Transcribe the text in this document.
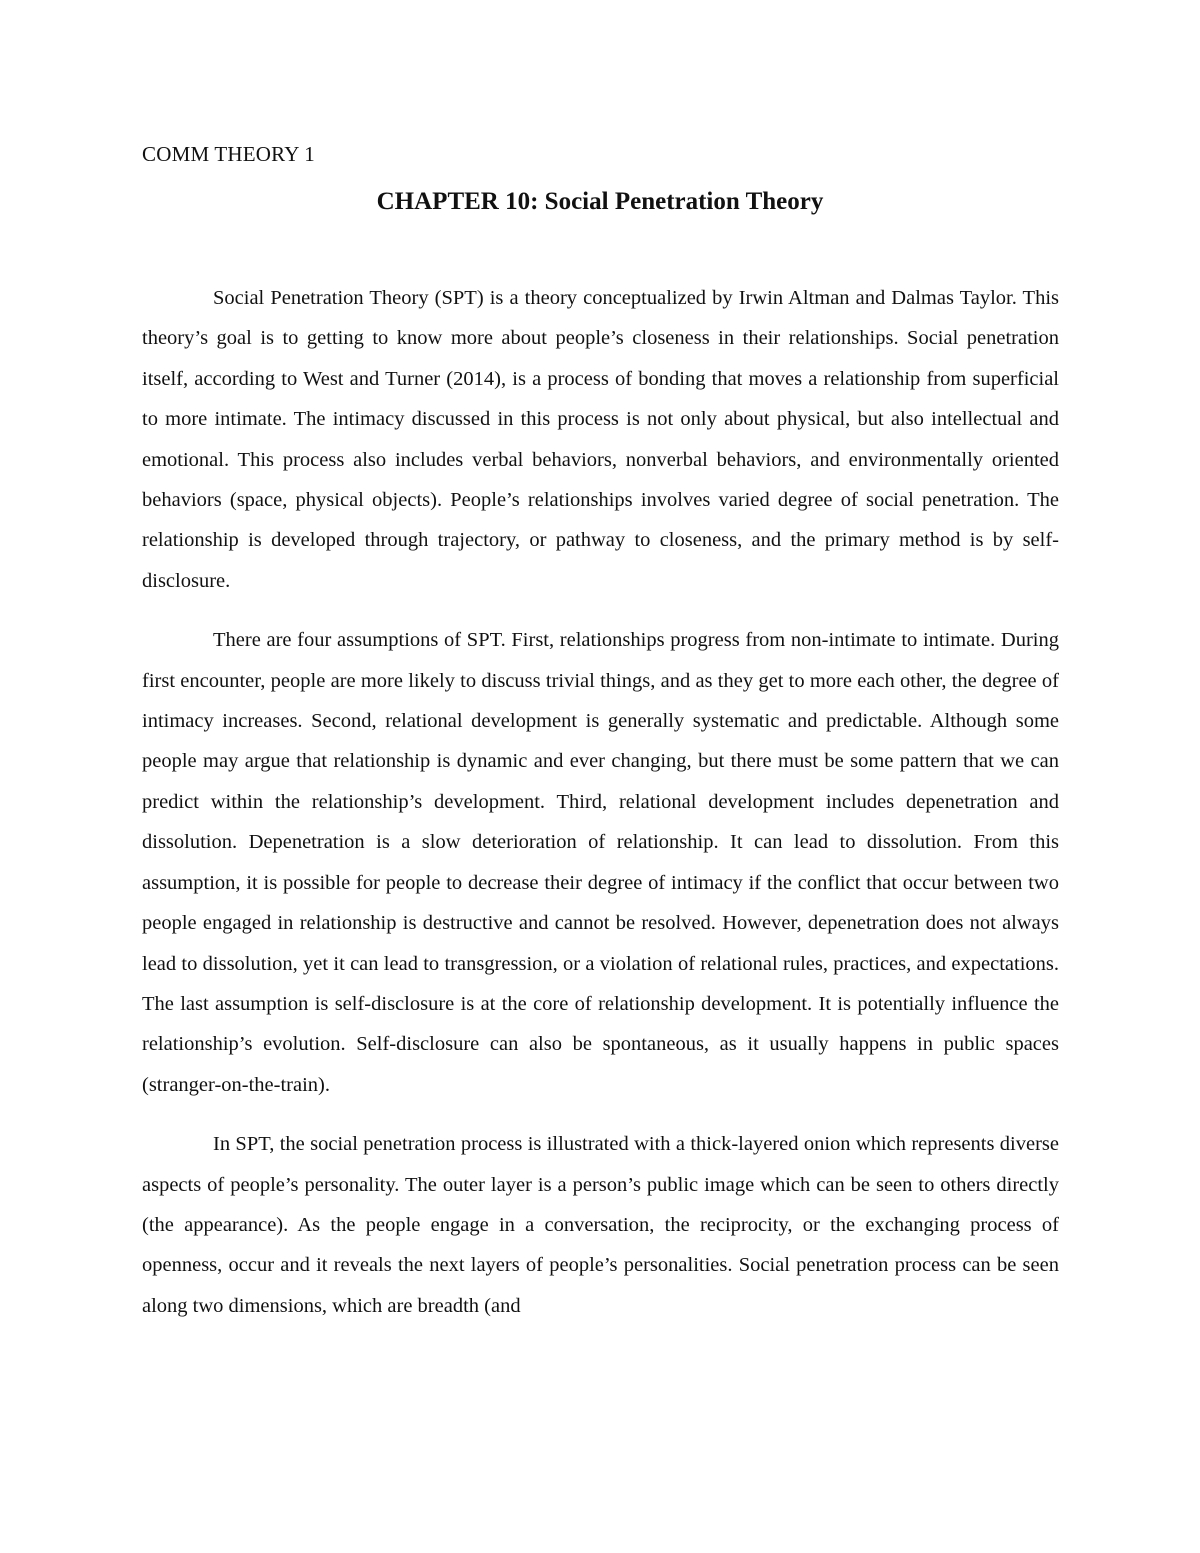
COMM THEORY 1
CHAPTER 10: Social Penetration Theory

Social Penetration Theory (SPT) is a theory conceptualized by Irwin Altman and Dalmas Taylor. This theory’s goal is to getting to know more about people’s closeness in their relationships. Social penetration itself, according to West and Turner (2014), is a process of bonding that moves a relationship from superficial to more intimate. The intimacy discussed in this process is not only about physical, but also intellectual and emotional. This process also includes verbal behaviors, nonverbal behaviors, and environmentally oriented behaviors (space, physical objects). People’s relationships involves varied degree of social penetration. The relationship is developed through trajectory, or pathway to closeness, and the primary method is by self-disclosure.

There are four assumptions of SPT. First, relationships progress from non-intimate to intimate. During first encounter, people are more likely to discuss trivial things, and as they get to more each other, the degree of intimacy increases. Second, relational development is generally systematic and predictable. Although some people may argue that relationship is dynamic and ever changing, but there must be some pattern that we can predict within the relationship’s development. Third, relational development includes depenetration and dissolution. Depenetration is a slow deterioration of relationship. It can lead to dissolution. From this assumption, it is possible for people to decrease their degree of intimacy if the conflict that occur between two people engaged in relationship is destructive and cannot be resolved. However, depenetration does not always lead to dissolution, yet it can lead to transgression, or a violation of relational rules, practices, and expectations. The last assumption is self-disclosure is at the core of relationship development. It is potentially influence the relationship’s evolution. Self-disclosure can also be spontaneous, as it usually happens in public spaces (stranger-on-the-train).

In SPT, the social penetration process is illustrated with a thick-layered onion which represents diverse aspects of people’s personality. The outer layer is a person’s public image which can be seen to others directly (the appearance). As the people engage in a conversation, the reciprocity, or the exchanging process of openness, occur and it reveals the next layers of people’s personalities. Social penetration process can be seen along two dimensions, which are breadth (and
